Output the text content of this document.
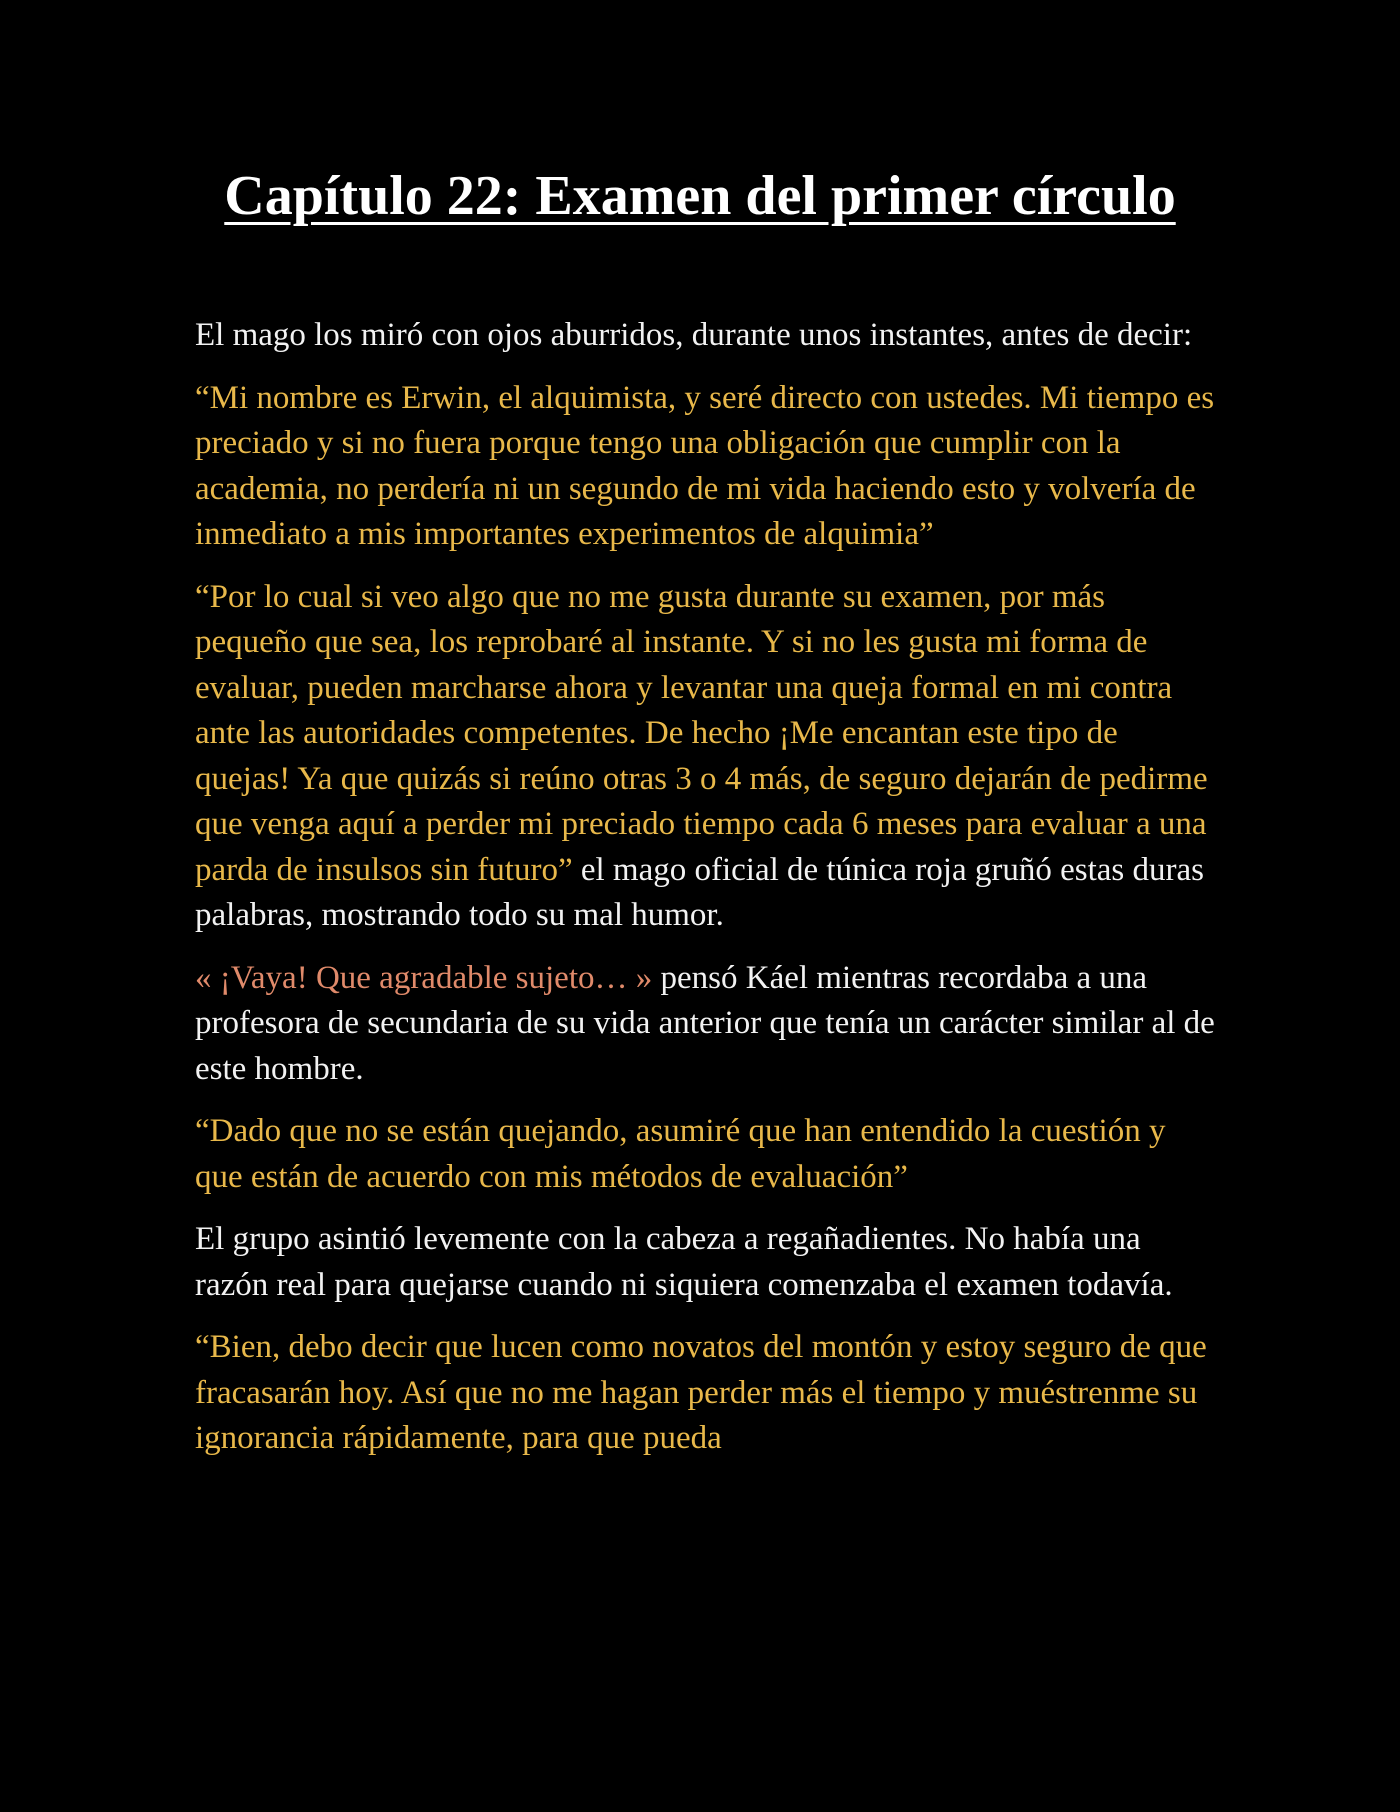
Capítulo 22: Examen del primer círculo

El mago los miró con ojos aburridos, durante unos instantes, antes de decir:

“Mi nombre es Erwin, el alquimista, y seré directo con ustedes. Mi tiempo es preciado y si no fuera porque tengo una obligación que cumplir con la academia, no perdería ni un segundo de mi vida haciendo esto y volvería de inmediato a mis importantes experimentos de alquimia”

“Por lo cual si veo algo que no me gusta durante su examen, por más pequeño que sea, los reprobaré al instante. Y si no les gusta mi forma de evaluar, pueden marcharse ahora y levantar una queja formal en mi contra ante las autoridades competentes. De hecho ¡Me encantan este tipo de quejas! Ya que quizás si reúno otras 3 o 4 más, de seguro dejarán de pedirme que venga aquí a perder mi preciado tiempo cada 6 meses para evaluar a una parda de insulsos sin futuro” el mago oficial de túnica roja gruñó estas duras palabras, mostrando todo su mal humor.

« ¡Vaya! Que agradable sujeto… » pensó Káel mientras recordaba a una profesora de secundaria de su vida anterior que tenía un carácter similar al de este hombre.

“Dado que no se están quejando, asumiré que han entendido la cuestión y que están de acuerdo con mis métodos de evaluación”

El grupo asintió levemente con la cabeza a regañadientes. No había una razón real para quejarse cuando ni siquiera comenzaba el examen todavía.

“Bien, debo decir que lucen como novatos del montón y estoy seguro de que fracasarán hoy. Así que no me hagan perder más el tiempo y muéstrenme su ignorancia rápidamente, para que pueda
